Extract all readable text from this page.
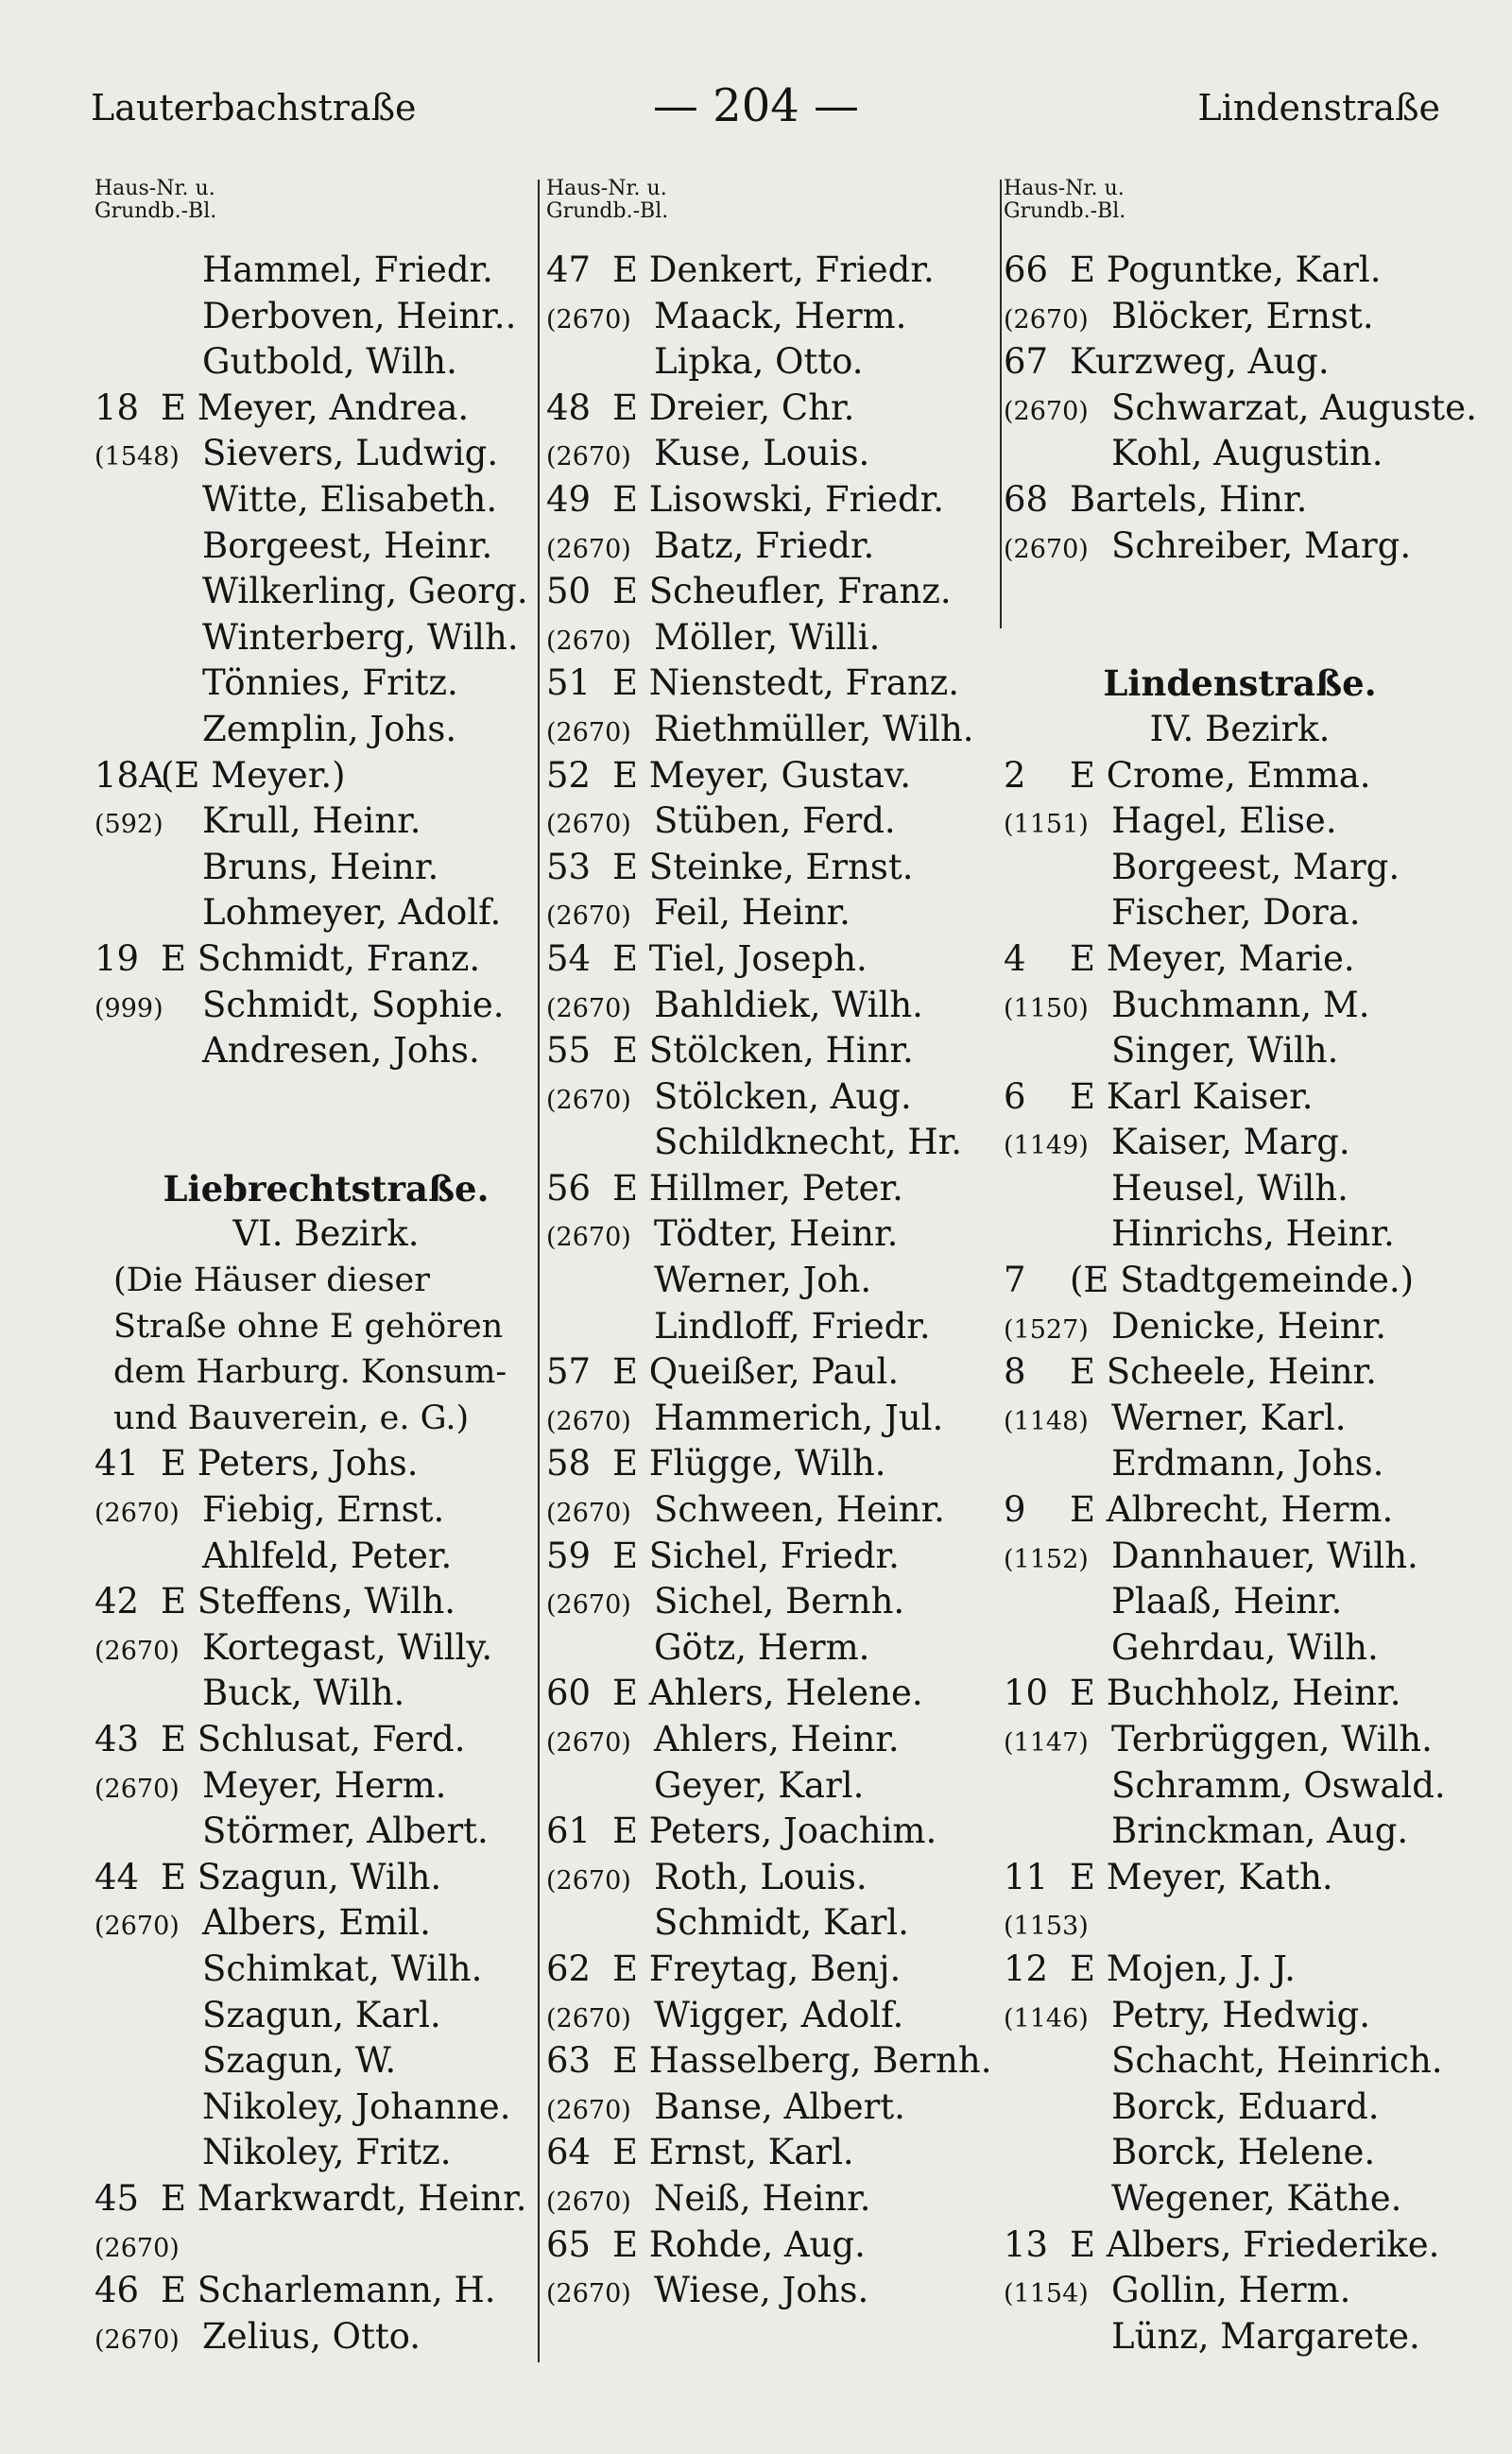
Lauterbachstraße	— 204 —	Lindenstraße
Haus-Nr. u.
Grundb.-Bl.
Hammel, Friedr.
Derboven, Heinr..
Gutbold, Wilh.
18 E Meyer, Andrea.
(1548) Sievers, Ludwig.
Witte, Elisabeth.
Borgeest, Heinr.
Wilkerling, Georg.
Winterberg, Wilh.
Tönnies, Fritz.
Zemplin, Johs.
18A(E Meyer.)
(592) Krull, Heinr.
Bruns, Heinr.
Lohmeyer, Adolf.
19 E Schmidt, Franz.
(999) Schmidt, Sophie.
Andresen, Johs.
Liebrechtstraße.
VI. Bezirk.
(Die Häuser dieser
Straße ohne E gehören
dem Harburg. Konsum-
und Bauverein, e. G.)
41 E Peters, Johs.
(2670) Fiebig, Ernst.
Ahlfeld, Peter.
42 E Steffens, Wilh.
(2670) Kortegast, Willy.
Buck, Wilh.
43 E Schlusat, Ferd.
(2670) Meyer, Herm.
Störmer, Albert.
44 E Szagun, Wilh.
(2670) Albers, Emil.
Schimkat, Wilh.
Szagun, Karl.
Szagun, W.
Nikoley, Johanne.
Nikoley, Fritz.
45 E Markwardt, Heinr.
(2670)
46 E Scharlemann, H.
(2670) Zelius, Otto.
Haus-Nr. u.
Grundb.-Bl.
47 E Denkert, Friedr.
(2670) Maack, Herm.
Lipka, Otto.
48 E Dreier, Chr.
(2670) Kuse, Louis.
49 E Lisowski, Friedr.
(2670) Batz, Friedr.
50 E Scheufler, Franz.
(2670) Möller, Willi.
51 E Nienstedt, Franz.
(2670) Riethmüller, Wilh.
52 E Meyer, Gustav.
(2670) Stüben, Ferd.
53 E Steinke, Ernst.
(2670) Feil, Heinr.
54 E Tiel, Joseph.
(2670) Bahldiek, Wilh.
55 E Stölcken, Hinr.
(2670) Stölcken, Aug.
Schildknecht, Hr.
56 E Hillmer, Peter.
(2670) Tödter, Heinr.
Werner, Joh.
Lindloff, Friedr.
57 E Queißer, Paul.
(2670) Hammerich, Jul.
58 E Flügge, Wilh.
(2670) Schween, Heinr.
59 E Sichel, Friedr.
(2670) Sichel, Bernh.
Götz, Herm.
60 E Ahlers, Helene.
(2670) Ahlers, Heinr.
Geyer, Karl.
61 E Peters, Joachim.
(2670) Roth, Louis.
Schmidt, Karl.
62 E Freytag, Benj.
(2670) Wigger, Adolf.
63 E Hasselberg, Bernh.
(2670) Banse, Albert.
64 E Ernst, Karl.
(2670) Neiß, Heinr.
65 E Rohde, Aug.
(2670) Wiese, Johs.
Haus-Nr. u.
Grundb.-Bl.
66 E Poguntke, Karl.
(2670) Blöcker, Ernst.
67 Kurzweg, Aug.
(2670) Schwarzat, Auguste.
Kohl, Augustin.
68 Bartels, Hinr.
(2670) Schreiber, Marg.
Lindenstraße.
IV. Bezirk.
2 E Crome, Emma.
(1151) Hagel, Elise.
Borgeest, Marg.
Fischer, Dora.
4 E Meyer, Marie.
(1150) Buchmann, M.
Singer, Wilh.
6 E Karl Kaiser.
(1149) Kaiser, Marg.
Heusel, Wilh.
Hinrichs, Heinr.
7 (E Stadtgemeinde.)
(1527) Denicke, Heinr.
8 E Scheele, Heinr.
(1148) Werner, Karl.
Erdmann, Johs.
9 E Albrecht, Herm.
(1152) Dannhauer, Wilh.
Plaaß, Heinr.
Gehrdau, Wilh.
10 E Buchholz, Heinr.
(1147) Terbrüggen, Wilh.
Schramm, Oswald.
Brinckman, Aug.
11 E Meyer, Kath.
(1153)
12 E Mojen, J. J.
(1146) Petry, Hedwig.
Schacht, Heinrich.
Borck, Eduard.
Borck, Helene.
Wegener, Käthe.
13 E Albers, Friederike.
(1154) Gollin, Herm.
Lünz, Margarete.
